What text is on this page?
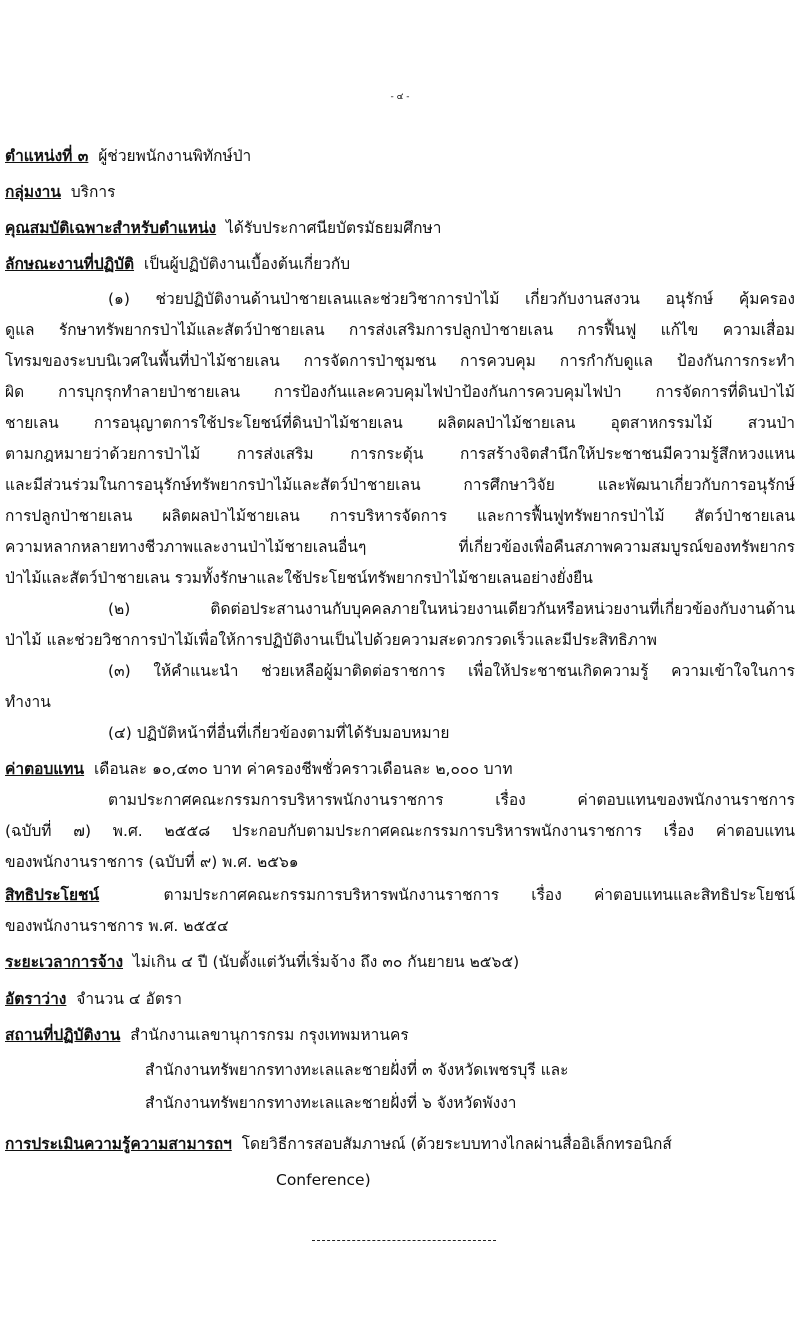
- ๔ -
ตำแหน่งที่ ๓ ผู้ช่วยพนักงานพิทักษ์ป่า
กลุ่มงาน บริการ
คุณสมบัติเฉพาะสำหรับตำแหน่ง ได้รับประกาศนียบัตรมัธยมศึกษา
ลักษณะงานที่ปฏิบัติ เป็นผู้ปฏิบัติงานเบื้องต้นเกี่ยวกับ
(๑) ช่วยปฏิบัติงานด้านป่าชายเลนและช่วยวิชาการป่าไม้ เกี่ยวกับงานสงวน อนุรักษ์ คุ้มครอง
ดูแล รักษาทรัพยากรป่าไม้และสัตว์ป่าชายเลน การส่งเสริมการปลูกป่าชายเลน การฟื้นฟู แก้ไข ความเสื่อม
โทรมของระบบนิเวศในพื้นที่ป่าไม้ชายเลน การจัดการป่าชุมชน การควบคุม การกำกับดูแล ป้องกันการกระทำ
ผิด การบุกรุกทำลายป่าชายเลน การป้องกันและควบคุมไฟป่าป้องกันการควบคุมไฟป่า การจัดการที่ดินป่าไม้
ชายเลน การอนุญาตการใช้ประโยชน์ที่ดินป่าไม้ชายเลน ผลิตผลป่าไม้ชายเลน อุตสาหกรรมไม้ สวนป่า
ตามกฎหมายว่าด้วยการป่าไม้ การส่งเสริม การกระตุ้น การสร้างจิตสำนึกให้ประชาชนมีความรู้สึกหวงแหน
และมีส่วนร่วมในการอนุรักษ์ทรัพยากรป่าไม้และสัตว์ป่าชายเลน การศึกษาวิจัย และพัฒนาเกี่ยวกับการอนุรักษ์
การปลูกป่าชายเลน ผลิตผลป่าไม้ชายเลน การบริหารจัดการ และการฟื้นฟูทรัพยากรป่าไม้ สัตว์ป่าชายเลน
ความหลากหลายทางชีวภาพและงานป่าไม้ชายเลนอื่นๆ ที่เกี่ยวข้องเพื่อคืนสภาพความสมบูรณ์ของทรัพยากร
ป่าไม้และสัตว์ป่าชายเลน รวมทั้งรักษาและใช้ประโยชน์ทรัพยากรป่าไม้ชายเลนอย่างยั่งยืน
(๒) ติดต่อประสานงานกับบุคคลภายในหน่วยงานเดียวกันหรือหน่วยงานที่เกี่ยวข้องกับงานด้าน
ป่าไม้ และช่วยวิชาการป่าไม้เพื่อให้การปฏิบัติงานเป็นไปด้วยความสะดวกรวดเร็วและมีประสิทธิภาพ
(๓) ให้คำแนะนำ ช่วยเหลือผู้มาติดต่อราชการ เพื่อให้ประชาชนเกิดความรู้ ความเข้าใจในการ
ทำงาน
(๔) ปฏิบัติหน้าที่อื่นที่เกี่ยวข้องตามที่ได้รับมอบหมาย
ค่าตอบแทน เดือนละ ๑๐,๔๓๐ บาท ค่าครองชีพชั่วคราวเดือนละ ๒,๐๐๐ บาท
ตามประกาศคณะกรรมการบริหารพนักงานราชการ เรื่อง ค่าตอบแทนของพนักงานราชการ
(ฉบับที่ ๗) พ.ศ. ๒๕๕๘ ประกอบกับตามประกาศคณะกรรมการบริหารพนักงานราชการ เรื่อง ค่าตอบแทน
ของพนักงานราชการ (ฉบับที่ ๙) พ.ศ. ๒๕๖๑
สิทธิประโยชน์	ตามประกาศคณะกรรมการบริหารพนักงานราชการ เรื่อง ค่าตอบแทนและสิทธิประโยชน์
ของพนักงานราชการ พ.ศ. ๒๕๕๔
ระยะเวลาการจ้าง ไม่เกิน ๔ ปี (นับตั้งแต่วันที่เริ่มจ้าง ถึง ๓๐ กันยายน ๒๕๖๕)
อัตราว่าง จำนวน ๔ อัตรา
สถานที่ปฏิบัติงาน สำนักงานเลขานุการกรม กรุงเทพมหานคร
สำนักงานทรัพยากรทางทะเลและชายฝั่งที่ ๓ จังหวัดเพชรบุรี และ
สำนักงานทรัพยากรทางทะเลและชายฝั่งที่ ๖ จังหวัดพังงา
การประเมินความรู้ความสามารถฯ โดยวิธีการสอบสัมภาษณ์ (ด้วยระบบทางไกลผ่านสื่ออิเล็กทรอนิกส์
Conference)
